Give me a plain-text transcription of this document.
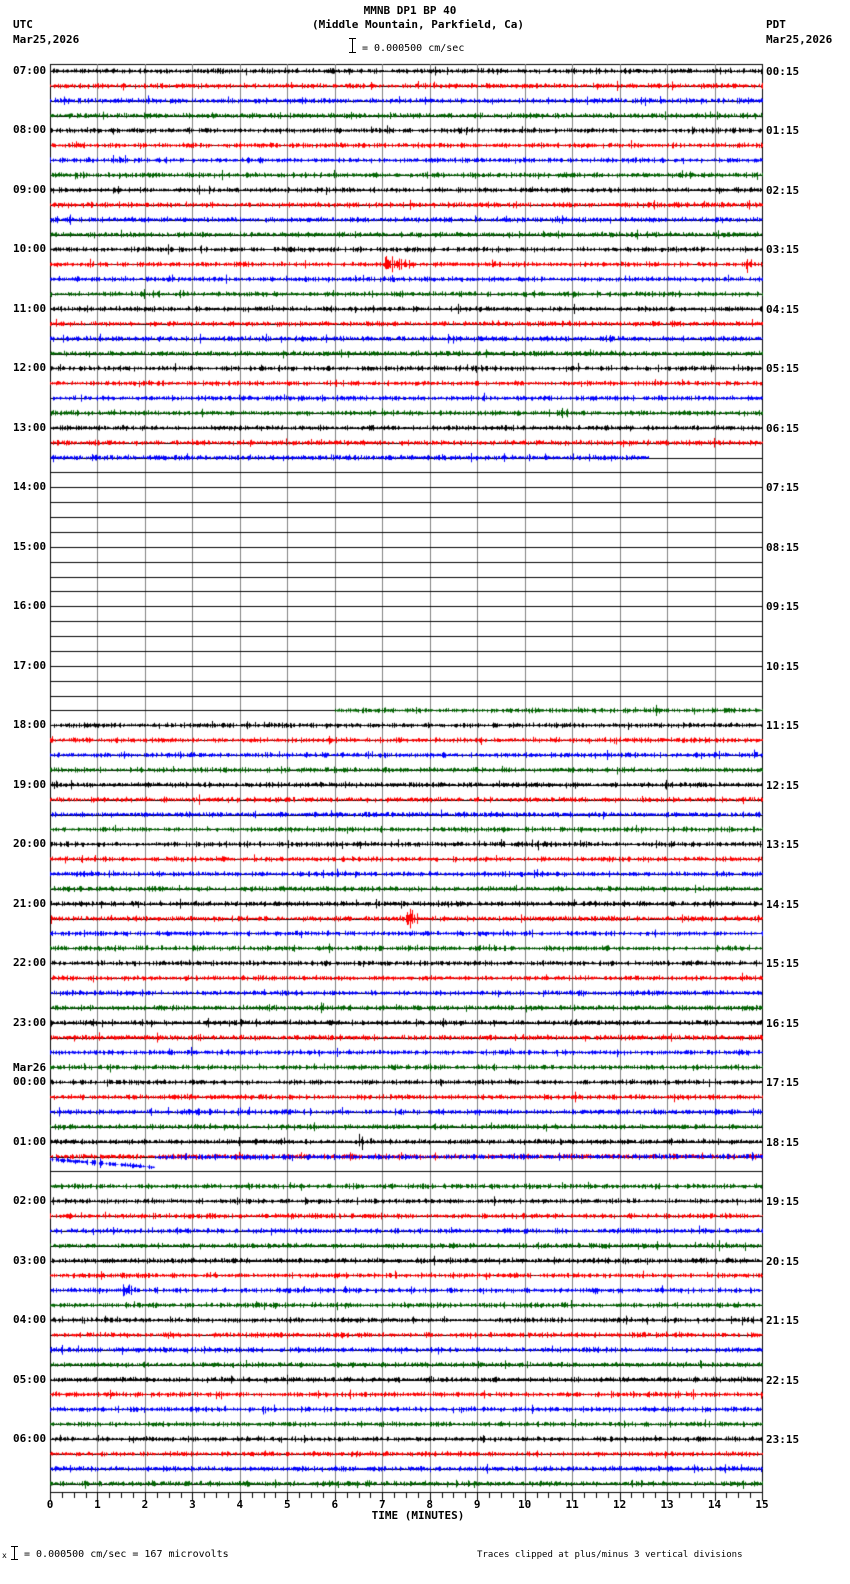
07:00
08:00
09:00
10:00
11:00
12:00
13:00
14:00
15:00
16:00
17:00
18:00
19:00
20:00
21:00
22:00
23:00
00:00
Mar26
01:00
02:00
03:00
04:00
05:00
06:00
00:15
01:15
02:15
03:15
04:15
05:15
06:15
07:15
08:15
09:15
10:15
11:15
12:15
13:15
14:15
15:15
16:15
17:15
18:15
19:15
20:15
21:15
22:15
23:15
0	1	2	3	4	5	6	7	8	9	10	11	12	13	14	15
TIME (MINUTES)
x = 0.000500 cm/sec = 167 microvolts	Traces clipped at plus/minus 3 vertical divisions
